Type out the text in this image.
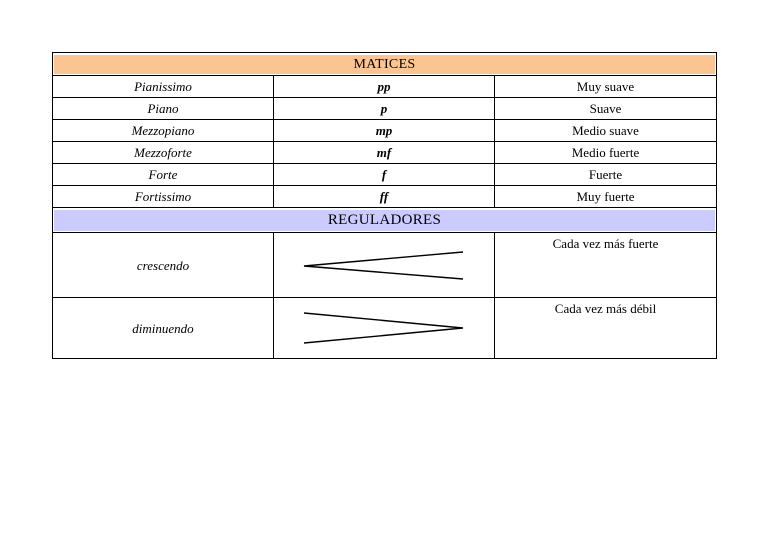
MATICES		

Pianissimo	pp	Muy suave
Piano	p	Suave
Mezzopiano	mp	Medio suave
Mezzoforte	mf	Medio fuerte
Forte	f	Fuerte
Fortissimo	ff	Muy fuerte

REGULADORES		

crescendo		Cada vez más fuerte
diminuendo		Cada vez más débil
